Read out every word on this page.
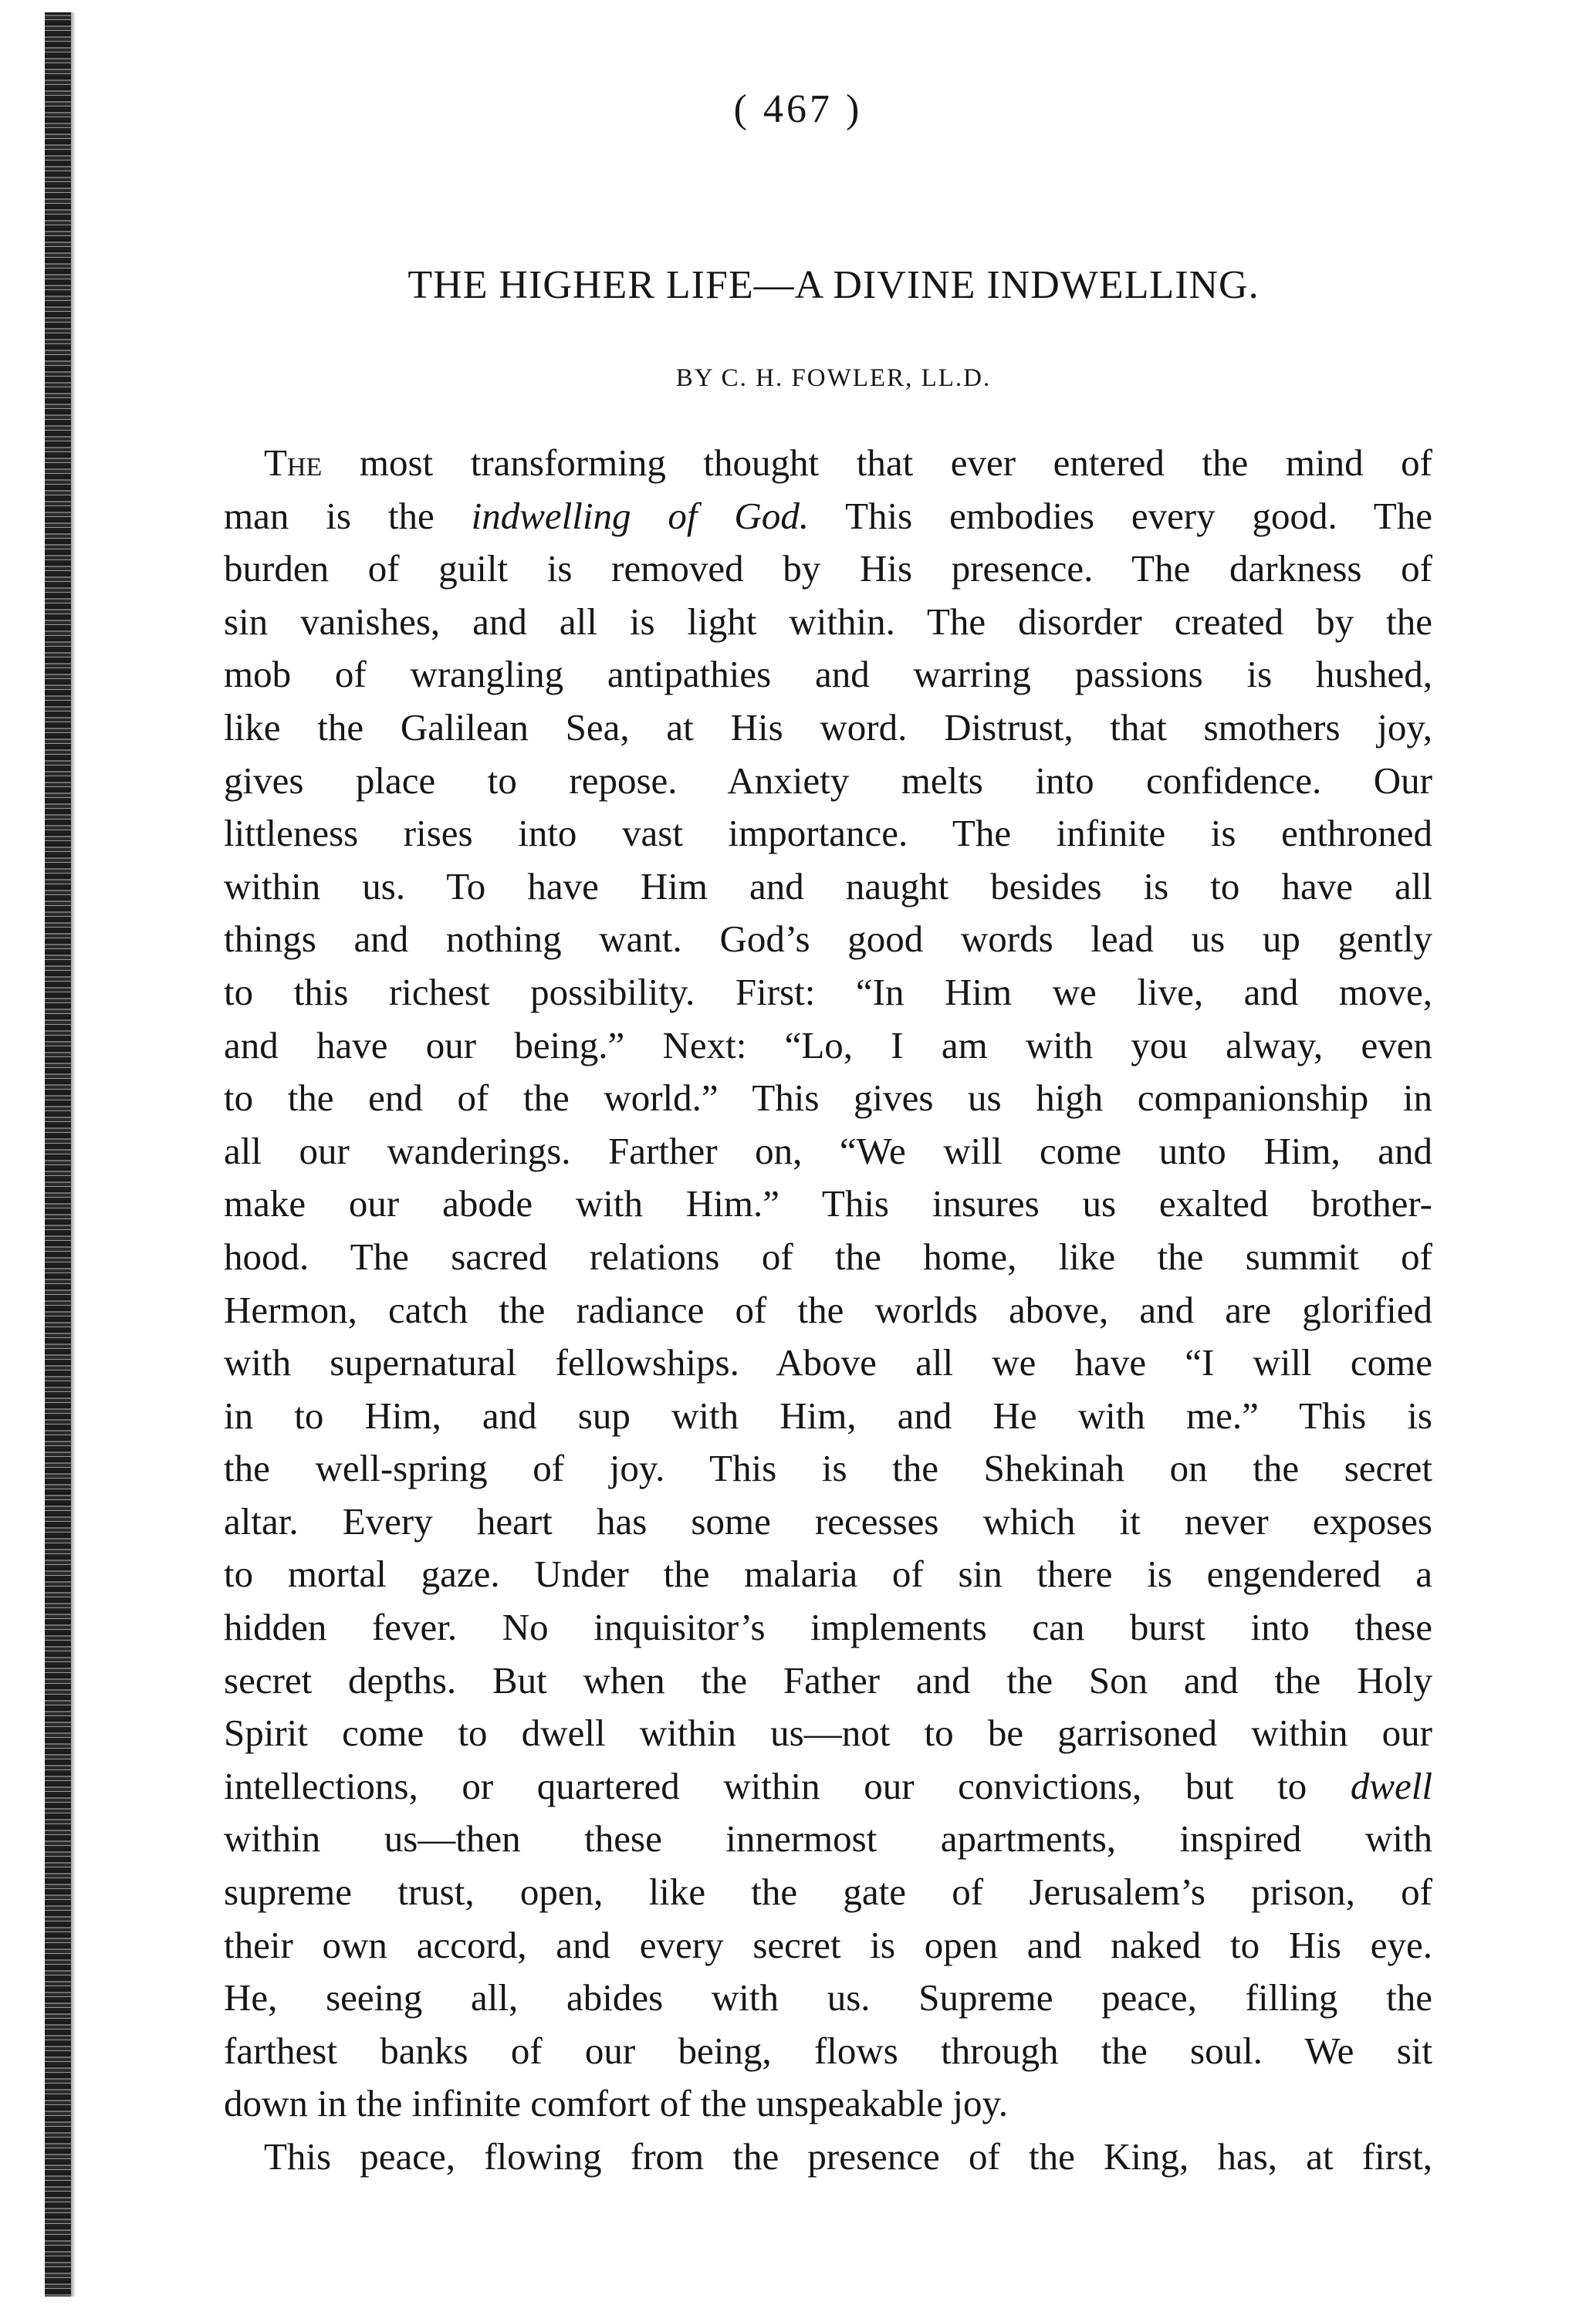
( 467 )
THE HIGHER LIFE—A DIVINE INDWELLING.
BY C. H. FOWLER, LL.D.
The most transforming thought that ever entered the mind of
man is the indwelling of God. This embodies every good. The
burden of guilt is removed by His presence. The darkness of
sin vanishes, and all is light within. The disorder created by the
mob of wrangling antipathies and warring passions is hushed,
like the Galilean Sea, at His word. Distrust, that smothers joy,
gives place to repose. Anxiety melts into confidence. Our
littleness rises into vast importance. The infinite is enthroned
within us. To have Him and naught besides is to have all
things and nothing want. God’s good words lead us up gently
to this richest possibility. First: “In Him we live, and move,
and have our being.” Next: “Lo, I am with you alway, even
to the end of the world.” This gives us high companionship in
all our wanderings. Farther on, “We will come unto Him, and
make our abode with Him.” This insures us exalted brother-
hood. The sacred relations of the home, like the summit of
Hermon, catch the radiance of the worlds above, and are glorified
with supernatural fellowships. Above all we have “I will come
in to Him, and sup with Him, and He with me.” This is
the well-spring of joy. This is the Shekinah on the secret
altar. Every heart has some recesses which it never exposes
to mortal gaze. Under the malaria of sin there is engendered a
hidden fever. No inquisitor’s implements can burst into these
secret depths. But when the Father and the Son and the Holy
Spirit come to dwell within us—not to be garrisoned within our
intellections, or quartered within our convictions, but to dwell
within us—then these innermost apartments, inspired with
supreme trust, open, like the gate of Jerusalem’s prison, of
their own accord, and every secret is open and naked to His eye.
He, seeing all, abides with us. Supreme peace, filling the
farthest banks of our being, flows through the soul. We sit
down in the infinite comfort of the unspeakable joy.
This peace, flowing from the presence of the King, has, at first,
